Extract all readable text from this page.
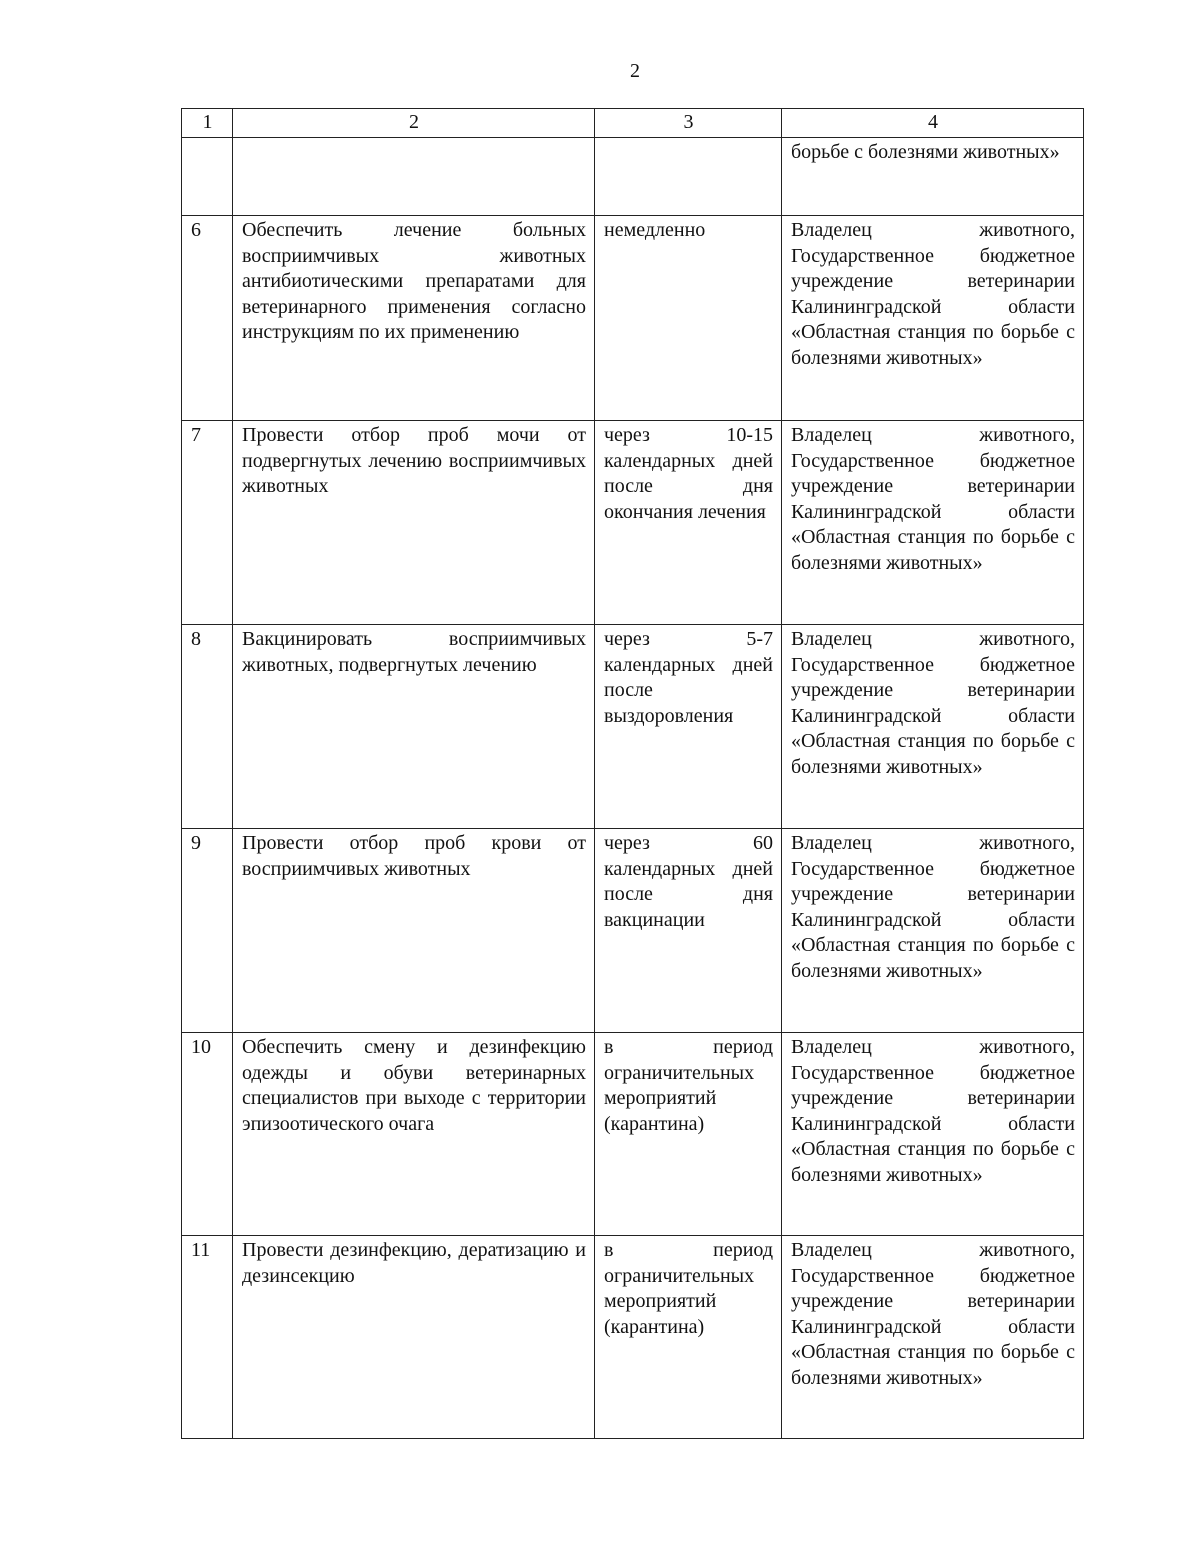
2
1	2	3	4
			борьбе с болезнями животных»
6	Обеспечить лечение больных восприимчивых животных антибиотическими препаратами для ветеринарного применения согласно инструкциям по их применению	немедленно	Владелец животного, Государственное бюджетное учреждение ветеринарии Калининградской области «Областная станция по борьбе с болезнями животных»
7	Провести отбор проб мочи от подвергнутых лечению восприимчивых животных	через 10-15 календарных дней после дня окончания лечения	Владелец животного, Государственное бюджетное учреждение ветеринарии Калининградской области «Областная станция по борьбе с болезнями животных»
8	Вакцинировать восприимчивых животных, подвергнутых лечению	через 5-7 календарных дней после выздоровления	Владелец животного, Государственное бюджетное учреждение ветеринарии Калининградской области «Областная станция по борьбе с болезнями животных»
9	Провести отбор проб крови от восприимчивых животных	через 60 календарных дней после дня вакцинации	Владелец животного, Государственное бюджетное учреждение ветеринарии Калининградской области «Областная станция по борьбе с болезнями животных»
10	Обеспечить смену и дезинфекцию одежды и обуви ветеринарных специалистов при выходе с территории эпизоотического очага	в период ограничительных мероприятий (карантина)	Владелец животного, Государственное бюджетное учреждение ветеринарии Калининградской области «Областная станция по борьбе с болезнями животных»
11	Провести дезинфекцию, дератизацию и дезинсекцию	в период ограничительных мероприятий (карантина)	Владелец животного, Государственное бюджетное учреждение ветеринарии Калининградской области «Областная станция по борьбе с болезнями животных»
